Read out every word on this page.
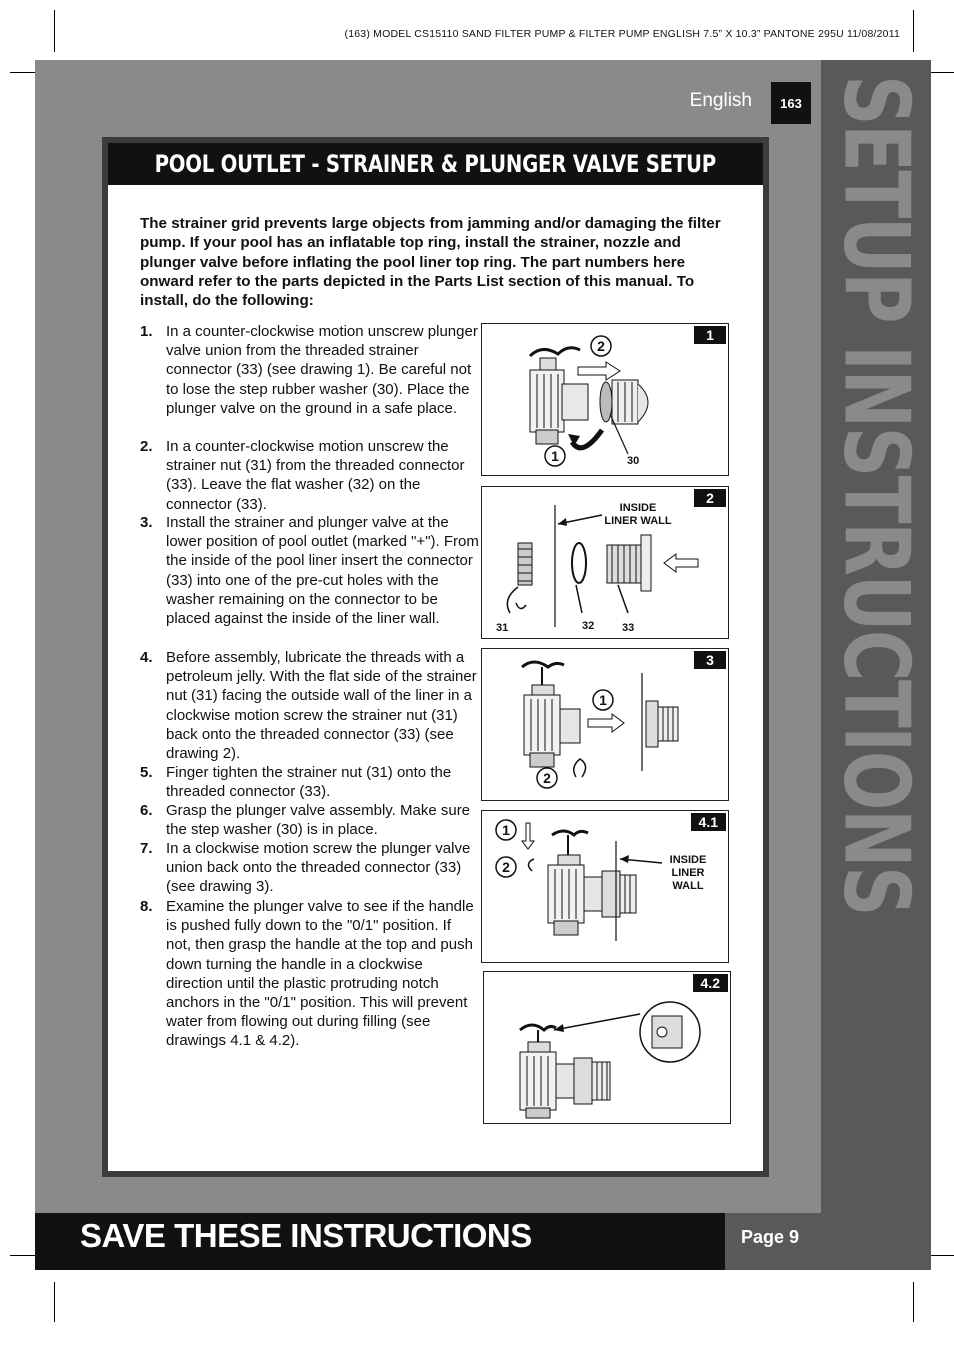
(163) MODEL CS15110 SAND FILTER PUMP & FILTER PUMP ENGLISH 7.5” X 10.3” PANTONE 295U 11/08/2011
SETUP INSTRUCTIONS
English	163
POOL OUTLET - STRAINER & PLUNGER VALVE SETUP
The strainer grid prevents large objects from jamming and/or damaging the filter pump. If your pool has an inflatable top ring, install the strainer, nozzle and plunger valve before inflating the pool liner top ring. The part numbers here onward refer to the parts depicted in the Parts List section of this manual. To install, do the following:
1. In a counter-clockwise motion unscrew plunger valve union from the threaded strainer connector (33) (see drawing 1). Be careful not to lose the step rubber washer (30). Place the plunger valve on the ground in a safe place.
2. In a counter-clockwise motion unscrew the strainer nut (31) from the threaded connector (33). Leave the flat washer (32) on the connector (33).
3. Install the strainer and plunger valve at the lower position of pool outlet (marked "+"). From the inside of the pool liner insert the connector (33) into one of the pre-cut holes with the washer remaining on the connector to be placed against the inside of the liner wall.
4. Before assembly, lubricate the threads with a petroleum jelly. With the flat side of the strainer nut (31) facing the outside wall of the liner in a clockwise motion screw the strainer nut (31) back onto the threaded connector (33) (see drawing 2).
5. Finger tighten the strainer nut (31) onto the threaded connector (33).
6. Grasp the plunger valve assembly. Make sure the step washer (30) is in place.
7. In a clockwise motion screw the plunger valve union back onto the threaded connector (33) (see drawing 3).
8. Examine the plunger valve to see if the handle is pushed fully down to the "0/1" position. If not, then grasp the handle at the top and push down turning the handle in a clockwise direction until the plastic protruding notch anchors in the "0/1" position. This will prevent water from flowing out during filling (see drawings 4.1 & 4.2).
2
1	30
1
INSIDE
LINER WALL
31	32	33
2
1
2
3
1
2	INSIDE
LINER
WALL
4.1
4.2
SAVE THESE INSTRUCTIONS	Page 9
